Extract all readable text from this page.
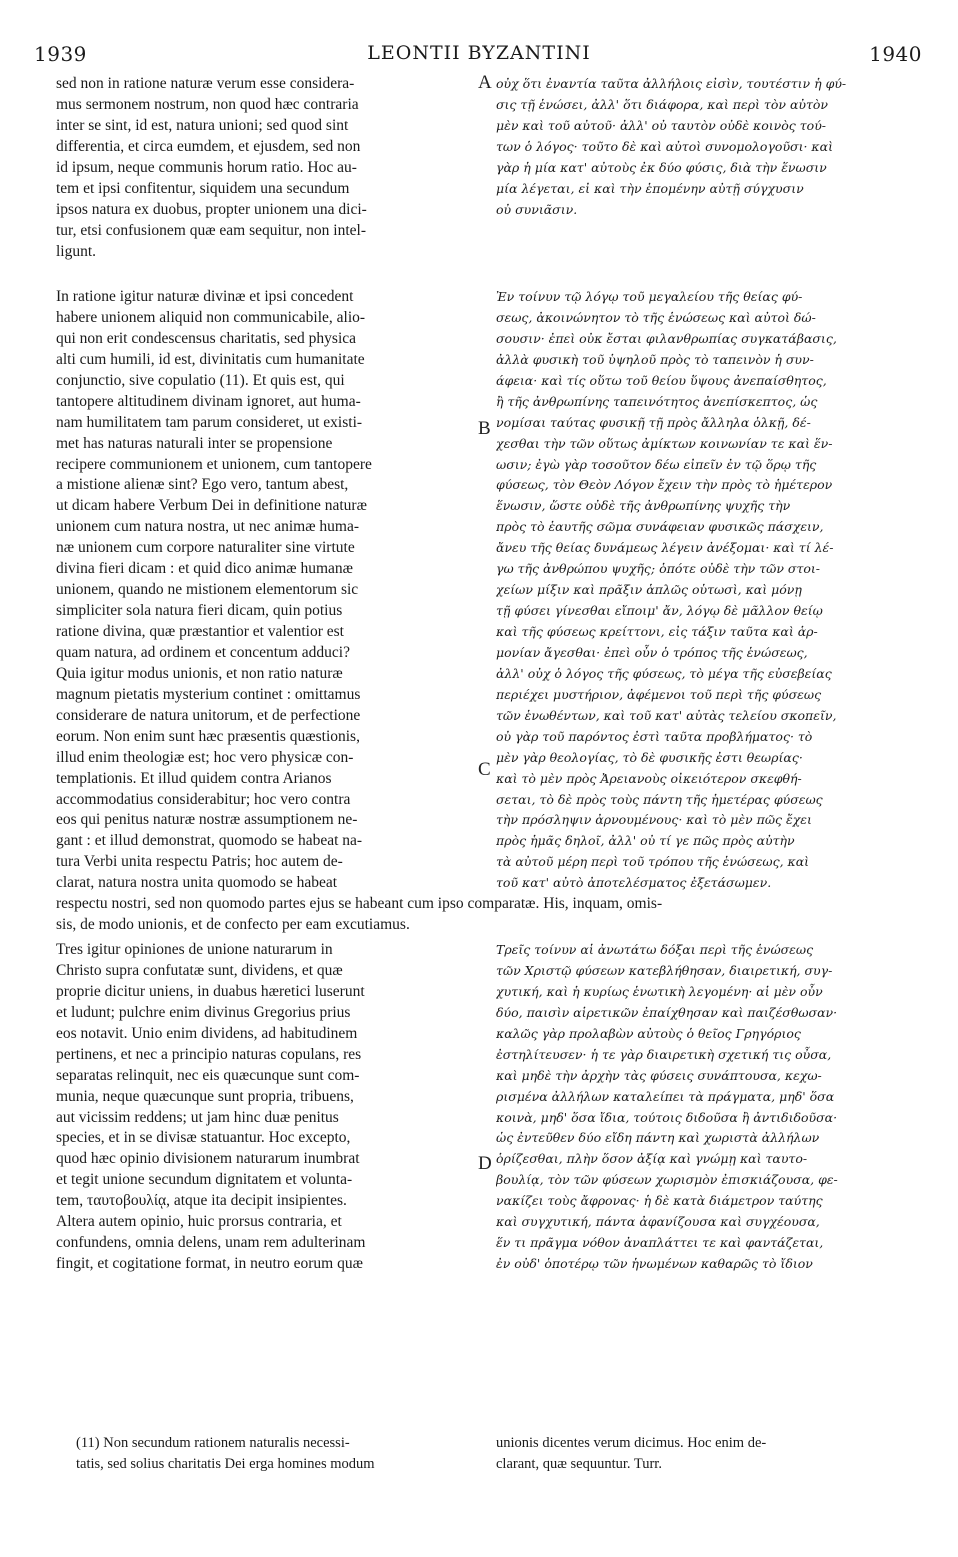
LEONTII BYZANTINI
1939	1940
sed non in ratione naturæ verum esse considera-
mus sermonem nostrum, non quod hæc contraria
inter se sint, id est, natura unioni; sed quod sint
differentia, et circa eumdem, et ejusdem, sed non
id ipsum, neque communis horum ratio. Hoc au-
tem et ipsi confitentur, siquidem una secundum
ipsos natura ex duobus, propter unionem una dici-
tur, etsi confusionem quæ eam sequitur, non intel-
ligunt.
οὐχ ὅτι ἐναντία ταῦτα ἀλλήλοις εἰσὶν, τουτέστιν ἡ φύ-
σις τῇ ἑνώσει, ἀλλ' ὅτι διάφορα, καὶ περὶ τὸν αὐτὸν
μὲν καὶ τοῦ αὐτοῦ· ἀλλ' οὐ ταυτὸν οὐδὲ κοινὸς τού-
των ὁ λόγος· τοῦτο δὲ καὶ αὐτοὶ συνομολογοῦσι· καὶ
γὰρ ἡ μία κατ' αὐτοὺς ἐκ δύο φύσις, διὰ τὴν ἕνωσιν
μία λέγεται, εἰ καὶ τὴν ἑπομένην αὐτῇ σύγχυσιν
οὐ συνιᾶσιν.
In ratione igitur naturæ divinæ et ipsi concedent
habere unionem aliquid non communicabile, alio-
qui non erit condescensus charitatis, sed physica
alti cum humili, id est, divinitatis cum humanitate
conjunctio, sive copulatio (11). Et quis est, qui
tantopere altitudinem divinam ignoret, aut huma-
nam humilitatem tam parum consideret, ut existi-
met has naturas naturali inter se propensione
recipere communionem et unionem, cum tantopere
a mistione alienæ sint? Ego vero, tantum abest,
ut dicam habere Verbum Dei in definitione naturæ
unionem cum natura nostra, ut nec animæ huma-
næ unionem cum corpore naturaliter sine virtute
divina fieri dicam : et quid dico animæ humanæ
unionem, quando ne mistionem elementorum sic
simpliciter sola natura fieri dicam, quin potius
ratione divina, quæ præstantior et valentior est
quam natura, ad ordinem et concentum adduci?
Quia igitur modus unionis, et non ratio naturæ
magnum pietatis mysterium continet : omittamus
considerare de natura unitorum, et de perfectione
eorum. Non enim sunt hæc præsentis quæstionis,
illud enim theologiæ est; hoc vero physicæ con-
templationis. Et illud quidem contra Arianos
accommodatius considerabitur; hoc vero contra
eos qui penitus naturæ nostræ assumptionem ne-
gant : et illud demonstrat, quomodo se habeat na-
tura Verbi unita respectu Patris; hoc autem de-
clarat, natura nostra unita quomodo se habeat
Ἐν τοίνυν τῷ λόγῳ τοῦ μεγαλείου τῆς θείας φύ-
σεως, ἀκοινώνητον τὸ τῆς ἑνώσεως καὶ αὐτοὶ δώ-
σουσιν· ἐπεὶ οὐκ ἔσται φιλανθρωπίας συγκατάβασις,
ἀλλὰ φυσικὴ τοῦ ὑψηλοῦ πρὸς τὸ ταπεινὸν ἡ συν-
άφεια· καὶ τίς οὕτω τοῦ θείου ὕψους ἀνεπαίσθητος,
ἢ τῆς ἀνθρωπίνης ταπεινότητος ἀνεπίσκεπτος, ὡς
νομίσαι ταύτας φυσικῇ τῇ πρὸς ἄλληλα ὁλκῇ, δέ-
χεσθαι τὴν τῶν οὕτως ἀμίκτων κοινωνίαν τε καὶ ἕν-
ωσιν; ἐγὼ γὰρ τοσοῦτον δέω εἰπεῖν ἐν τῷ ὅρῳ τῆς
φύσεως, τὸν Θεὸν Λόγον ἔχειν τὴν πρὸς τὸ ἡμέτερον
ἕνωσιν, ὥστε οὐδὲ τῆς ἀνθρωπίνης ψυχῆς τὴν
πρὸς τὸ ἑαυτῆς σῶμα συνάφειαν φυσικῶς πάσχειν,
ἄνευ τῆς θείας δυνάμεως λέγειν ἀνέξομαι· καὶ τί λέ-
γω τῆς ἀνθρώπου ψυχῆς; ὁπότε οὐδὲ τὴν τῶν στοι-
χείων μίξιν καὶ πρᾶξιν ἁπλῶς οὑτωσὶ, καὶ μόνῃ
τῇ φύσει γίνεσθαι εἴποιμ' ἄν, λόγῳ δὲ μᾶλλον θείῳ
καὶ τῆς φύσεως κρείττονι, εἰς τάξιν ταῦτα καὶ ἁρ-
μονίαν ἄγεσθαι· ἐπεὶ οὖν ὁ τρόπος τῆς ἑνώσεως,
ἀλλ' οὐχ ὁ λόγος τῆς φύσεως, τὸ μέγα τῆς εὐσεβείας
περιέχει μυστήριον, ἀφέμενοι τοῦ περὶ τῆς φύσεως
τῶν ἑνωθέντων, καὶ τοῦ κατ' αὐτὰς τελείου σκοπεῖν,
οὐ γὰρ τοῦ παρόντος ἐστὶ ταῦτα προβλήματος· τὸ
μὲν γὰρ θεολογίας, τὸ δὲ φυσικῆς ἐστι θεωρίας·
καὶ τὸ μὲν πρὸς Ἀρειανοὺς οἰκειότερον σκεφθή-
σεται, τὸ δὲ πρὸς τοὺς πάντη τῆς ἡμετέρας φύσεως
τὴν πρόσληψιν ἀρνουμένους· καὶ τὸ μὲν πῶς ἔχει
πρὸς ἡμᾶς δηλοῖ, ἀλλ' οὐ τί γε πῶς πρὸς αὐτὴν
τὰ αὐτοῦ μέρη περὶ τοῦ τρόπου τῆς ἑνώσεως, καὶ
τοῦ κατ' αὐτὸ ἀποτελέσματος ἐξετάσωμεν.
respectu nostri, sed non quomodo partes ejus se habeant cum ipso comparatæ. His, inquam, omis-
sis, de modo unionis, et de confecto per eam excutiamus.
Tres igitur opiniones de unione naturarum in
Christo supra confutatæ sunt, dividens, et quæ
proprie dicitur uniens, in duabus hæretici luserunt
et ludunt; pulchre enim divinus Gregorius prius
eos notavit. Unio enim dividens, ad habitudinem
pertinens, et nec a principio naturas copulans, res
separatas relinquit, nec eis quæcunque sunt com-
munia, neque quæcunque sunt propria, tribuens,
aut vicissim reddens; ut jam hinc duæ penitus
species, et in se divisæ statuantur. Hoc excepto,
quod hæc opinio divisionem naturarum inumbrat
et tegit unione secundum dignitatem et volunta-
tem, ταυτοβουλίᾳ, atque ita decipit insipientes.
Altera autem opinio, huic prorsus contraria, et
confundens, omnia delens, unam rem adulterinam
fingit, et cogitatione format, in neutro eorum quæ
Τρεῖς τοίνυν αἱ ἀνωτάτω δόξαι περὶ τῆς ἑνώσεως
τῶν Χριστῷ φύσεων κατεβλήθησαν, διαιρετική, συγ-
χυτική, καὶ ἡ κυρίως ἑνωτικὴ λεγομένη· αἱ μὲν οὖν
δύο, παισὶν αἱρετικῶν ἐπαίχθησαν καὶ παιζέσθωσαν·
καλῶς γὰρ προλαβὼν αὐτοὺς ὁ θεῖος Γρηγόριος
ἐστηλίτευσεν· ἡ τε γὰρ διαιρετικὴ σχετική τις οὖσα,
καὶ μηδὲ τὴν ἀρχὴν τὰς φύσεις συνάπτουσα, κεχω-
ρισμένα ἀλλήλων καταλείπει τὰ πράγματα, μηδ' ὅσα
κοινὰ, μηδ' ὅσα ἴδια, τούτοις διδοῦσα ἢ ἀντιδιδοῦσα·
ὡς ἐντεῦθεν δύο εἴδη πάντη καὶ χωριστὰ ἀλλήλων
ὁρίζεσθαι, πλὴν ὅσον ἀξίᾳ καὶ γνώμῃ καὶ ταυτο-
βουλίᾳ, τὸν τῶν φύσεων χωρισμὸν ἐπισκιάζουσα, φε-
νακίζει τοὺς ἄφρονας· ἡ δὲ κατὰ διάμετρον ταύτης
καὶ συγχυτική, πάντα ἀφανίζουσα καὶ συγχέουσα,
ἕν τι πρᾶγμα νόθον ἀναπλάττει τε καὶ φαντάζεται,
ἐν οὐδ' ὁποτέρῳ τῶν ἡνωμένων καθαρῶς τὸ ἴδιον
A
B
C
D
(11) Non secundum rationem naturalis necessi-
tatis, sed solius charitatis Dei erga homines modum
unionis dicentes verum dicimus. Hoc enim de-
clarant, quæ sequuntur. Turr.
